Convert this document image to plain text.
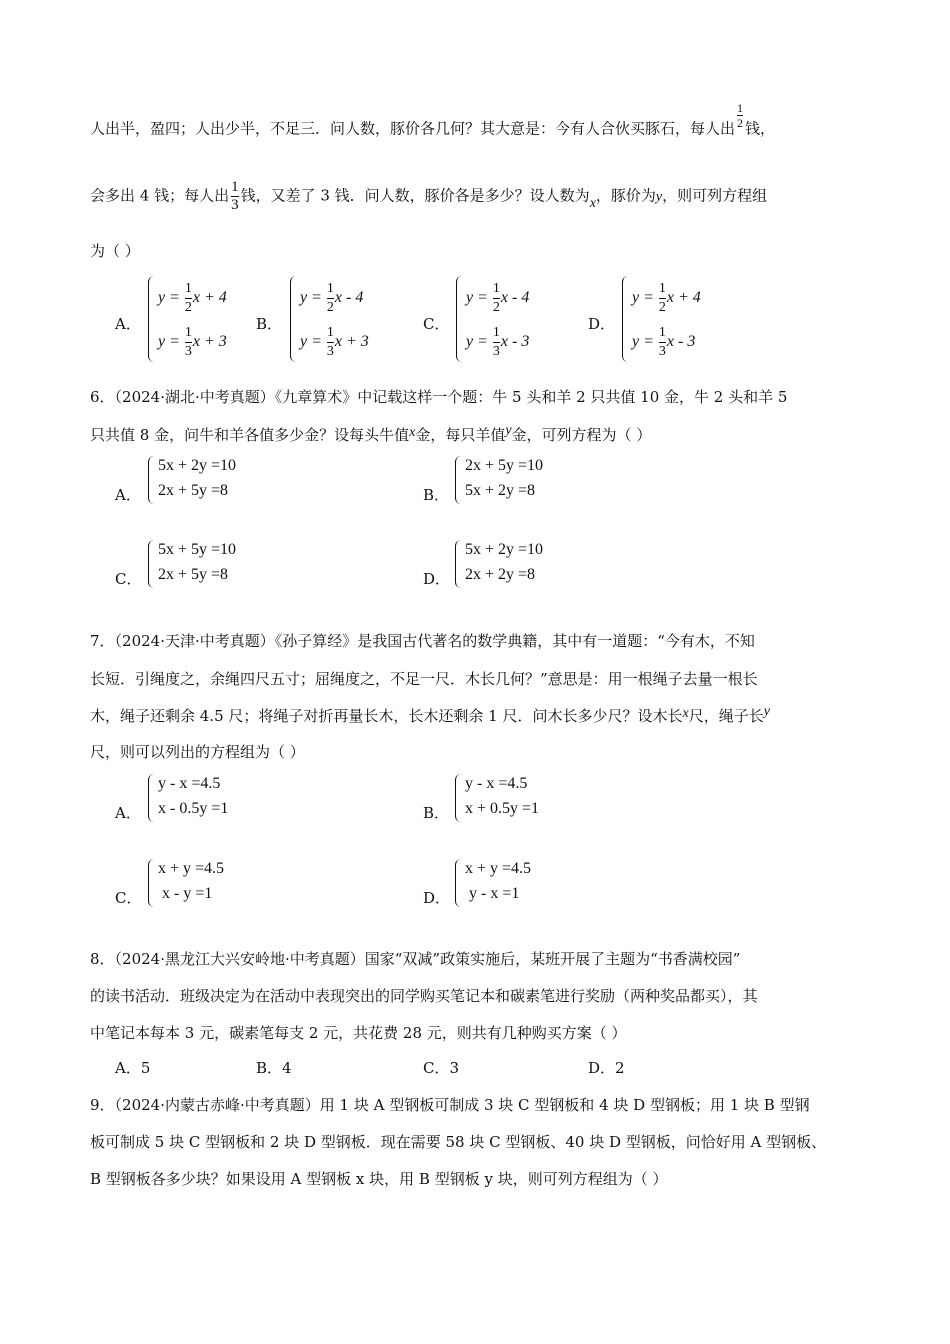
人出半，盈四；人出少半，不足三．问人数，豚价各几何？其大意是：今有人合伙买豚石，每人出 $\frac{1}{2}$ 钱，
会多出 4 钱；每人出 $\frac{1}{3}$ 钱，又差了 3 钱．问人数，豚价各是多少？设人数为x，豚价为y，则可列方程组
为（ ）
A．
$y = \frac{1}{2}$ x + 4
$y = \frac{1}{3}$ x + 3
B．
$y = \frac{1}{2}$ x - 4
$y = \frac{1}{3}$ x + 3
C．
$y = \frac{1}{2}$ x - 4
$y = \frac{1}{3}$ x - 3
D．
$y = \frac{1}{2}$ x + 4
$y = \frac{1}{3}$ x - 3
6．（2024·湖北·中考真题）《九章算术》中记载这样一个题：牛 5 头和羊 2 只共值 10 金，牛 2 头和羊 5
只共值 8 金，问牛和羊各值多少金？设每头牛值x金，每只羊值y金，可列方程为（ ）
A．
5x + 2y =10
2x + 5y =8	B．
2x + 5y =10
5x + 2y =8
C．
5x + 5y =10
2x + 5y =8	D．
5x + 2y =10
2x + 2y =8
7．（2024·天津·中考真题）《孙子算经》是我国古代著名的数学典籍，其中有一道题：“今有木，不知
长短．引绳度之，余绳四尺五寸；屈绳度之，不足一尺．木长几何？”意思是：用一根绳子去量一根长
木，绳子还剩余 4.5 尺；将绳子对折再量长木，长木还剩余 1 尺．问木长多少尺？设木长x尺，绳子长y
尺，则可以列出的方程组为（ ）
A．
y - x =4.5
x - 0.5y =1	B．
y - x =4.5
x + 0.5y =1
C．
x + y =4.5
x - y =1	D．
x + y =4.5
y - x =1
8．（2024·黑龙江大兴安岭地·中考真题）国家“双减”政策实施后，某班开展了主题为“书香满校园”
的读书活动．班级决定为在活动中表现突出的同学购买笔记本和碳素笔进行奖励（两种奖品都买），其
中笔记本每本 3 元，碳素笔每支 2 元，共花费 28 元，则共有几种购买方案（ ）
A．5	B．4	C．3	D．2
9．（2024·内蒙古赤峰·中考真题）用 1 块 A 型钢板可制成 3 块 C 型钢板和 4 块 D 型钢板；用 1 块 B 型钢
板可制成 5 块 C 型钢板和 2 块 D 型钢板．现在需要 58 块 C 型钢板、40 块 D 型钢板，问恰好用 A 型钢板、
B 型钢板各多少块？如果设用 A 型钢板 x 块，用 B 型钢板 y 块，则可列方程组为（ ）
